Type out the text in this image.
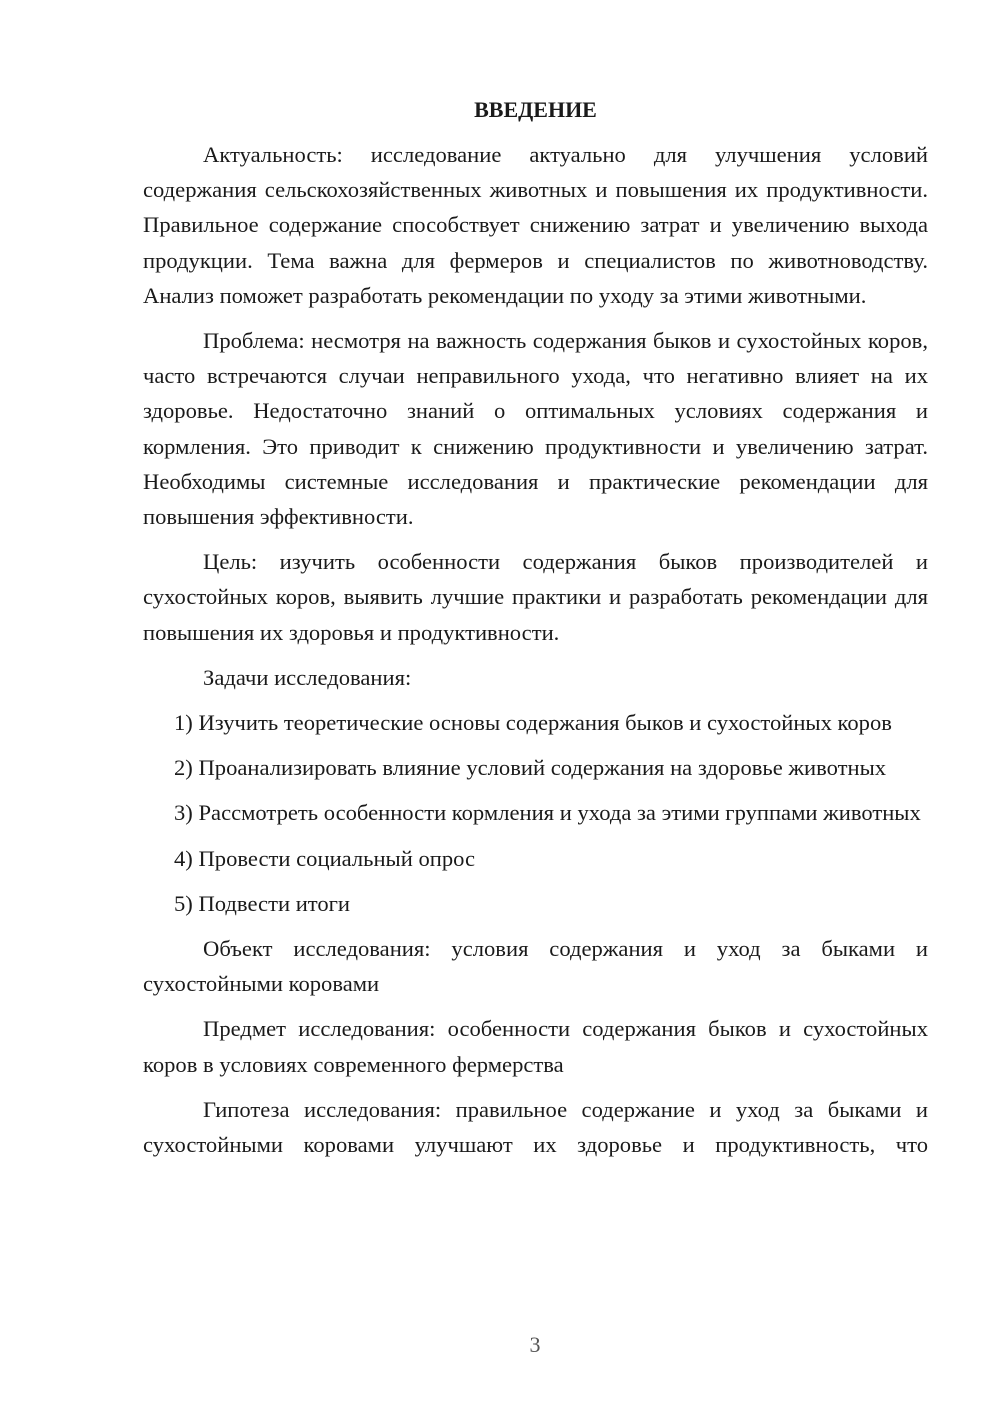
ВВЕДЕНИЕ

Актуальность: исследование актуально для улучшения условий содержания сельскохозяйственных животных и повышения их продуктивности. Правильное содержание способствует снижению затрат и увеличению выхода продукции. Тема важна для фермеров и специалистов по животноводству. Анализ поможет разработать рекомендации по уходу за этими животными.

Проблема: несмотря на важность содержания быков и сухостойных коров, часто встречаются случаи неправильного ухода, что негативно влияет на их здоровье. Недостаточно знаний о оптимальных условиях содержания и кормления. Это приводит к снижению продуктивности и увеличению затрат. Необходимы системные исследования и практические рекомендации для повышения эффективности.

Цель: изучить особенности содержания быков производителей и сухостойных коров, выявить лучшие практики и разработать рекомендации для повышения их здоровья и продуктивности.

Задачи исследования:

1) Изучить теоретические основы содержания быков и сухостойных коров

2) Проанализировать влияние условий содержания на здоровье животных

3) Рассмотреть особенности кормления и ухода за этими группами животных

4) Провести социальный опрос

5) Подвести итоги

Объект исследования: условия содержания и уход за быками и сухостойными коровами

Предмет исследования: особенности содержания быков и сухостойных коров в условиях современного фермерства

Гипотеза исследования: правильное содержание и уход за быками и сухостойными коровами улучшают их здоровье и продуктивность, что

3
